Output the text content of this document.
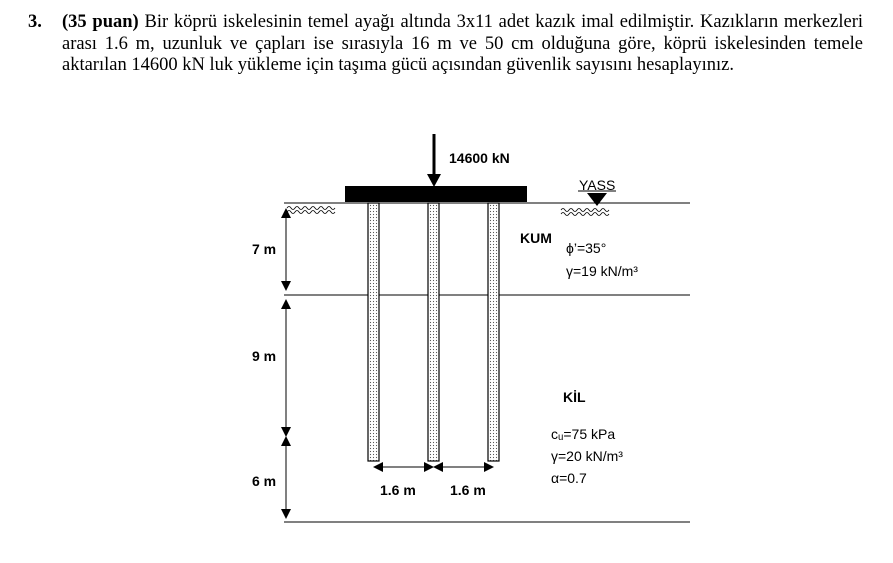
3. (35 puan) Bir köprü iskelesinin temel ayağı altında 3x11 adet kazık imal edilmiştir. Kazıkların merkezleri arası 1.6 m, uzunluk ve çapları ise sırasıyla 16 m ve 50 cm olduğuna göre, köprü iskelesinden temele aktarılan 14600 kN luk yükleme için taşıma gücü açısından güvenlik sayısını hesaplayınız.
YASS
14600 kN
7 m
9 m
6 m
1.6 m 1.6 m
KUM
ϕ’=35°
γ=19 kN/m³
KİL
cᵤ=75 kPa
γ=20 kN/m³
α=0.7
